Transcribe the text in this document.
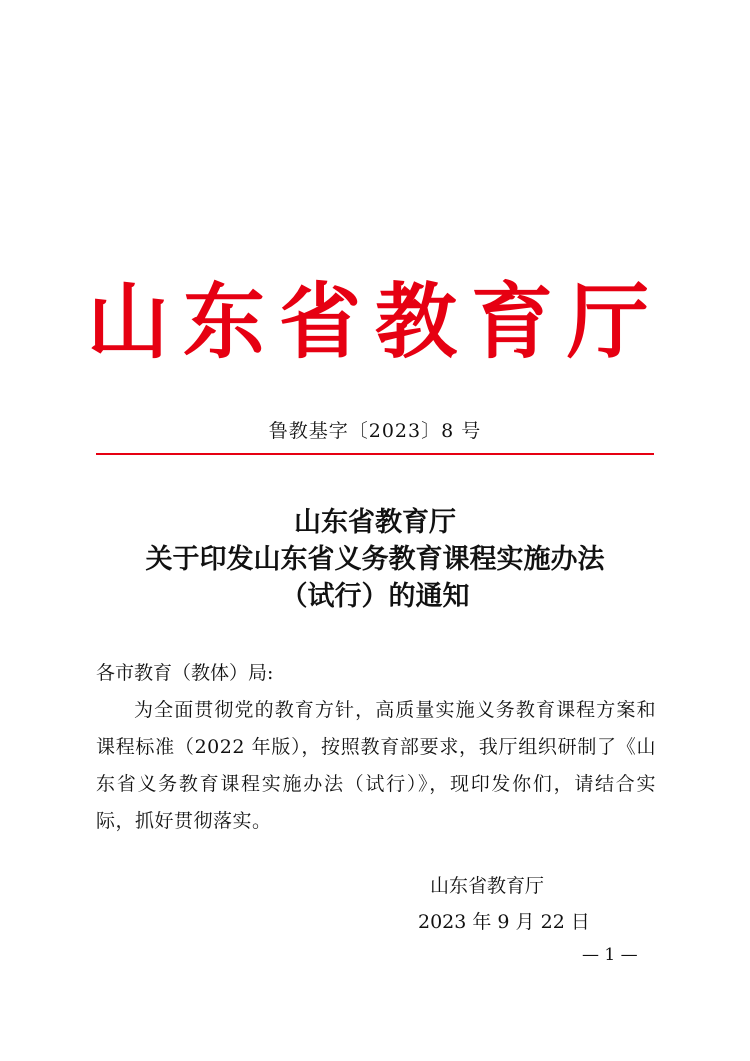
山东省教育厅
鲁教基字〔2023〕8 号
山东省教育厅
关于印发山东省义务教育课程实施办法
（试行）的通知
各市教育（教体）局:
为全面贯彻党的教育方针，高质量实施义务教育课程方案和课程标准（2022 年版），按照教育部要求，我厅组织研制了《山东省义务教育课程实施办法（试行）》，现印发你们，请结合实际，抓好贯彻落实。
山东省教育厅
2023 年 9 月 22 日
— 1 —
